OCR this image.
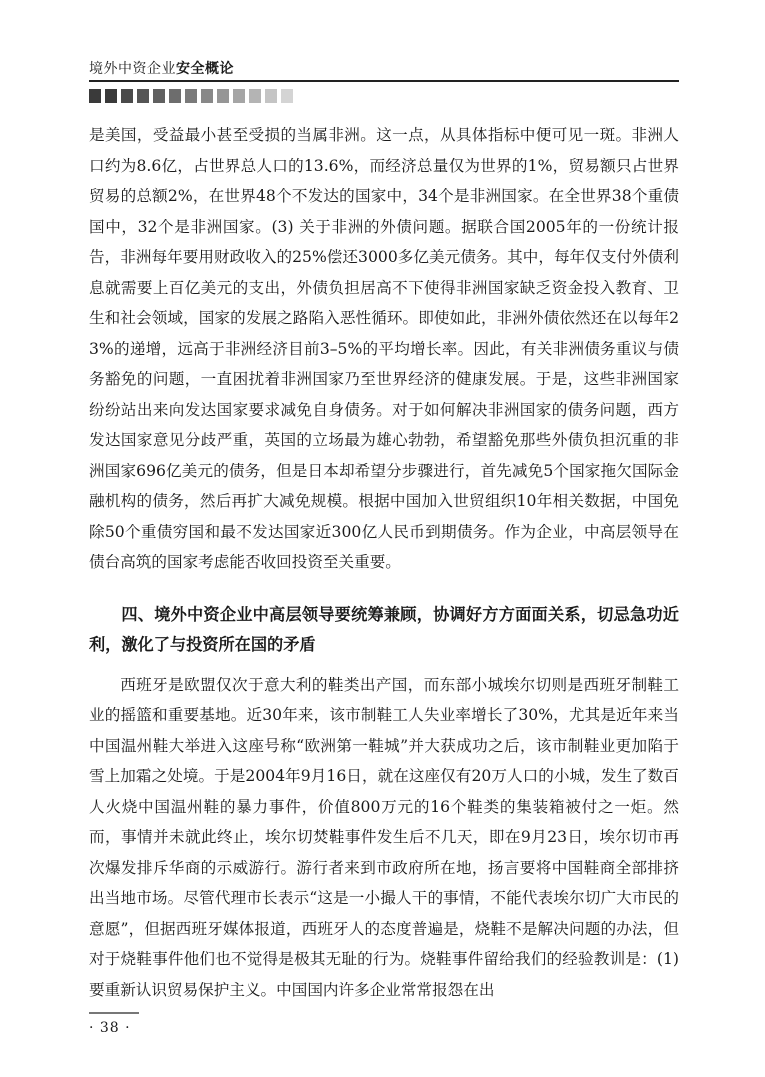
境外中资企业安全概论

是美国，受益最小甚至受损的当属非洲。这一点，从具体指标中便可见一斑。非洲人口约为8.6亿，占世界总人口的13.6%，而经济总量仅为世界的1%，贸易额只占世界贸易的总额2%，在世界48个不发达的国家中，34个是非洲国家。在全世界38个重债国中，32个是非洲国家。(3) 关于非洲的外债问题。据联合国2005年的一份统计报告，非洲每年要用财政收入的25%偿还3000多亿美元债务。其中，每年仅支付外债利息就需要上百亿美元的支出，外债负担居高不下使得非洲国家缺乏资金投入教育、卫生和社会领域，国家的发展之路陷入恶性循环。即使如此，非洲外债依然还在以每年23%的递增，远高于非洲经济目前3–5%的平均增长率。因此，有关非洲债务重议与债务豁免的问题，一直困扰着非洲国家乃至世界经济的健康发展。于是，这些非洲国家纷纷站出来向发达国家要求减免自身债务。对于如何解决非洲国家的债务问题，西方发达国家意见分歧严重，英国的立场最为雄心勃勃，希望豁免那些外债负担沉重的非洲国家696亿美元的债务，但是日本却希望分步骤进行，首先减免5个国家拖欠国际金融机构的债务，然后再扩大减免规模。根据中国加入世贸组织10年相关数据，中国免除50个重债穷国和最不发达国家近300亿人民币到期债务。作为企业，中高层领导在债台高筑的国家考虑能否收回投资至关重要。

四、境外中资企业中高层领导要统筹兼顾，协调好方方面面关系，切忌急功近利，激化了与投资所在国的矛盾

西班牙是欧盟仅次于意大利的鞋类出产国，而东部小城埃尔切则是西班牙制鞋工业的摇篮和重要基地。近30年来，该市制鞋工人失业率增长了30%，尤其是近年来当中国温州鞋大举进入这座号称“欧洲第一鞋城”并大获成功之后，该市制鞋业更加陷于雪上加霜之处境。于是2004年9月16日，就在这座仅有20万人口的小城，发生了数百人火烧中国温州鞋的暴力事件，价值800万元的16个鞋类的集装箱被付之一炬。然而，事情并未就此终止，埃尔切焚鞋事件发生后不几天，即在9月23日，埃尔切市再次爆发排斥华商的示威游行。游行者来到市政府所在地，扬言要将中国鞋商全部排挤出当地市场。尽管代理市长表示“这是一小撮人干的事情，不能代表埃尔切广大市民的意愿”，但据西班牙媒体报道，西班牙人的态度普遍是，烧鞋不是解决问题的办法，但对于烧鞋事件他们也不觉得是极其无耻的行为。烧鞋事件留给我们的经验教训是：(1) 要重新认识贸易保护主义。中国国内许多企业常常报怨在出

· 38 ·
